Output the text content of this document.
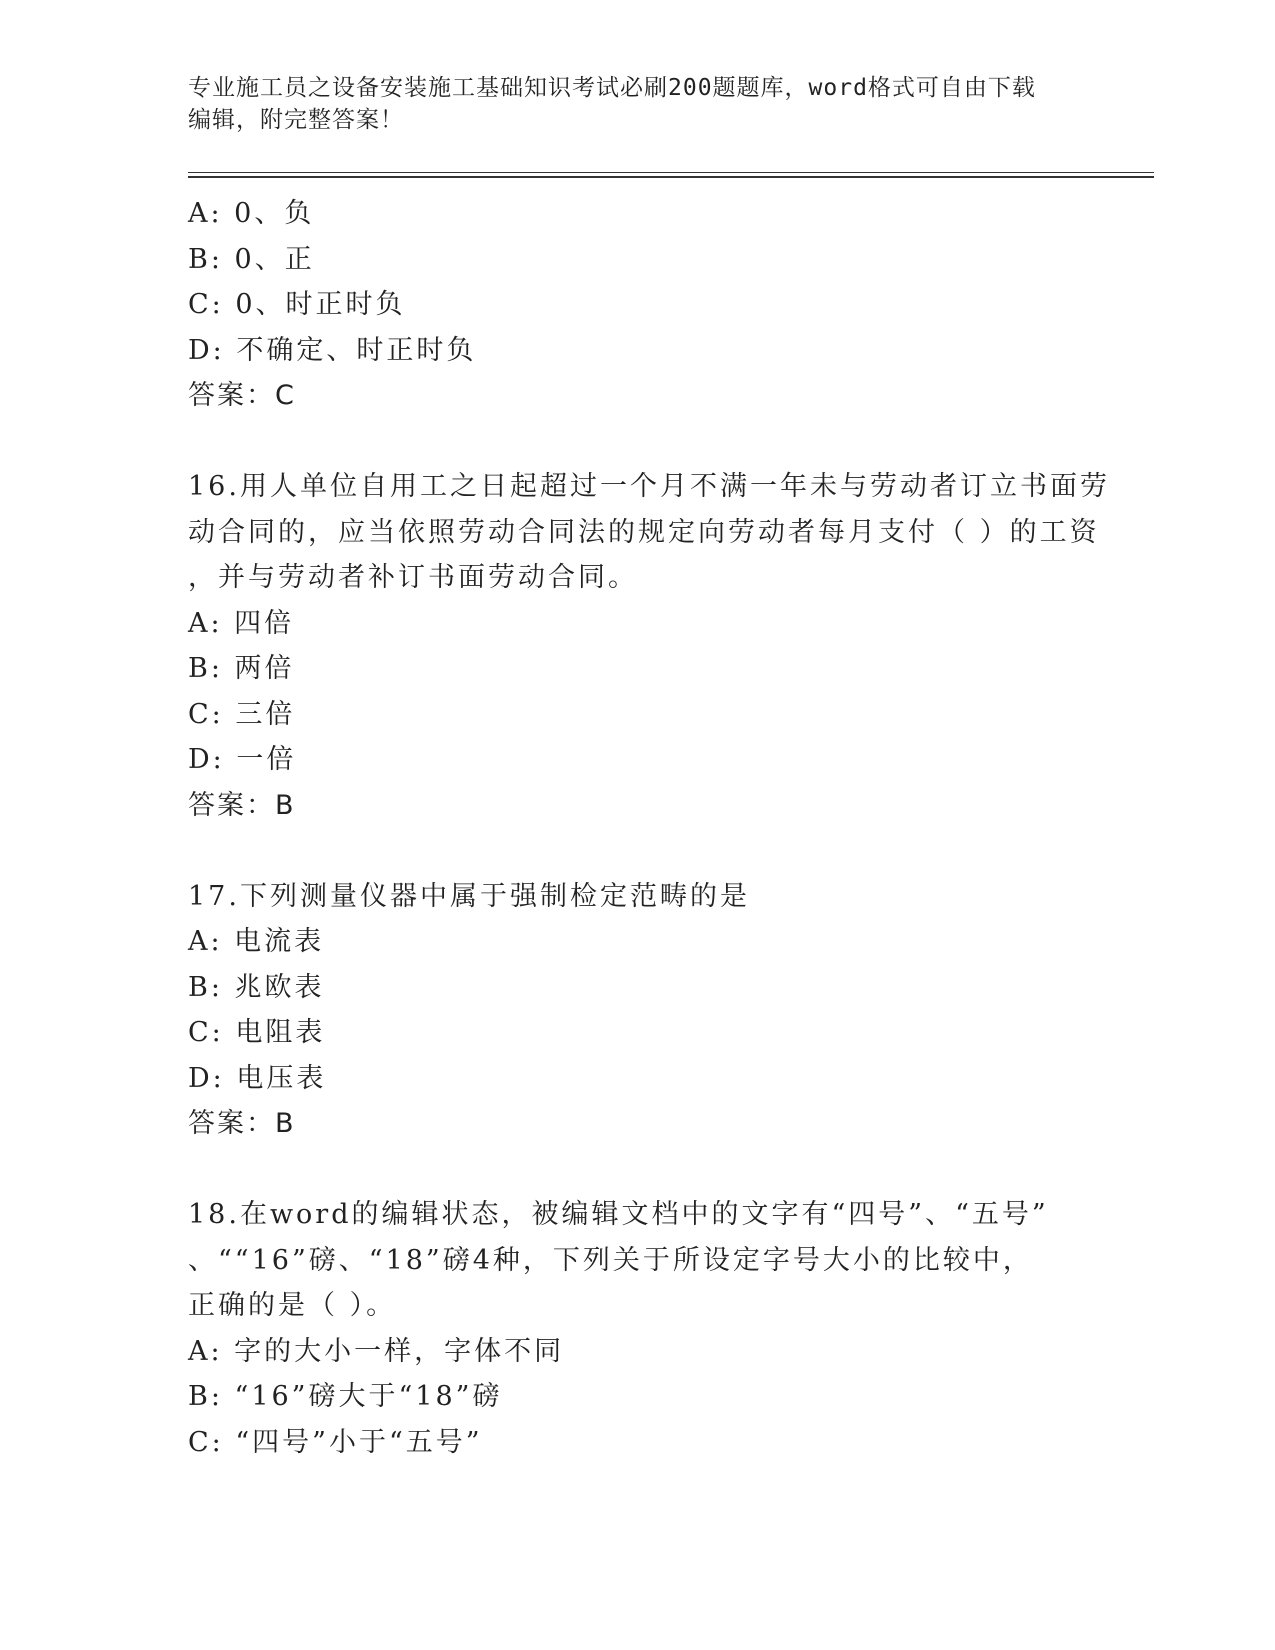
专业施工员之设备安装施工基础知识考试必刷200题题库，word格式可自由下载
编辑，附完整答案！
A: 0、负
B: 0、正
C: 0、时正时负
D: 不确定、时正时负
答案：C
16.用人单位自用工之日起超过一个月不满一年未与劳动者订立书面劳
动合同的，应当依照劳动合同法的规定向劳动者每月支付（ ）的工资
，并与劳动者补订书面劳动合同。
A: 四倍
B: 两倍
C: 三倍
D: 一倍
答案：B
17.下列测量仪器中属于强制检定范畴的是
A: 电流表
B: 兆欧表
C: 电阻表
D: 电压表
答案：B
18.在word的编辑状态，被编辑文档中的文字有“四号”、“五号”
、““16”磅、“18”磅4种，下列关于所设定字号大小的比较中，
正确的是（ ）。
A: 字的大小一样，字体不同
B: “16”磅大于“18”磅
C: “四号”小于“五号”
